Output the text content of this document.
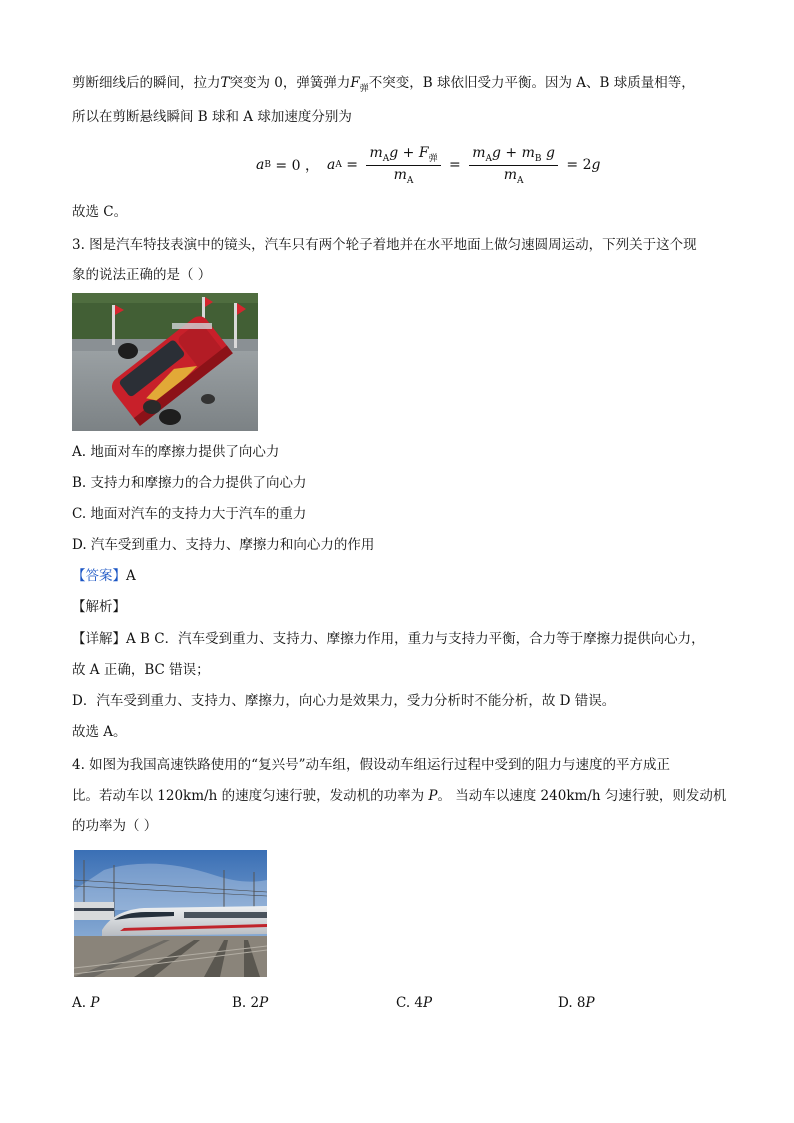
剪断细线后的瞬间，拉力T突变为 0，弹簧弹力$F_弹$不突变，B 球依旧受力平衡。因为 A、B 球质量相等，
所以在剪断悬线瞬间 B 球和 A 球加速度分别为
a B = 0 ， a $A = \frac{m_Ag + F_弹}{m_A} = \frac{m_Ag + m_B g}{m_A} = 2$ g
故选 C。
3. 图是汽车特技表演中的镜头，汽车只有两个轮子着地并在水平地面上做匀速圆周运动，下列关于这个现
象的说法正确的是（ ）
A. 地面对车的摩擦力提供了向心力
B. 支持力和摩擦力的合力提供了向心力
C. 地面对汽车的支持力大于汽车的重力
D. 汽车受到重力、支持力、摩擦力和向心力的作用
【答案】A
【解析】
【详解】A B C．汽车受到重力、支持力、摩擦力作用，重力与支持力平衡，合力等于摩擦力提供向心力，
故 A 正确，BC 错误；
D．汽车受到重力、支持力、摩擦力，向心力是效果力，受力分析时不能分析，故 D 错误。
故选 A。
4. 如图为我国高速铁路使用的“复兴号”动车组，假设动车组运行过程中受到的阻力与速度的平方成正
比。若动车以 120km/h 的速度匀速行驶，发动机的功率为 P。 当动车以速度 240km/h 匀速行驶，则发动机
的功率为（ ）
A. P	B. 2P	C. 4P	D. 8P
